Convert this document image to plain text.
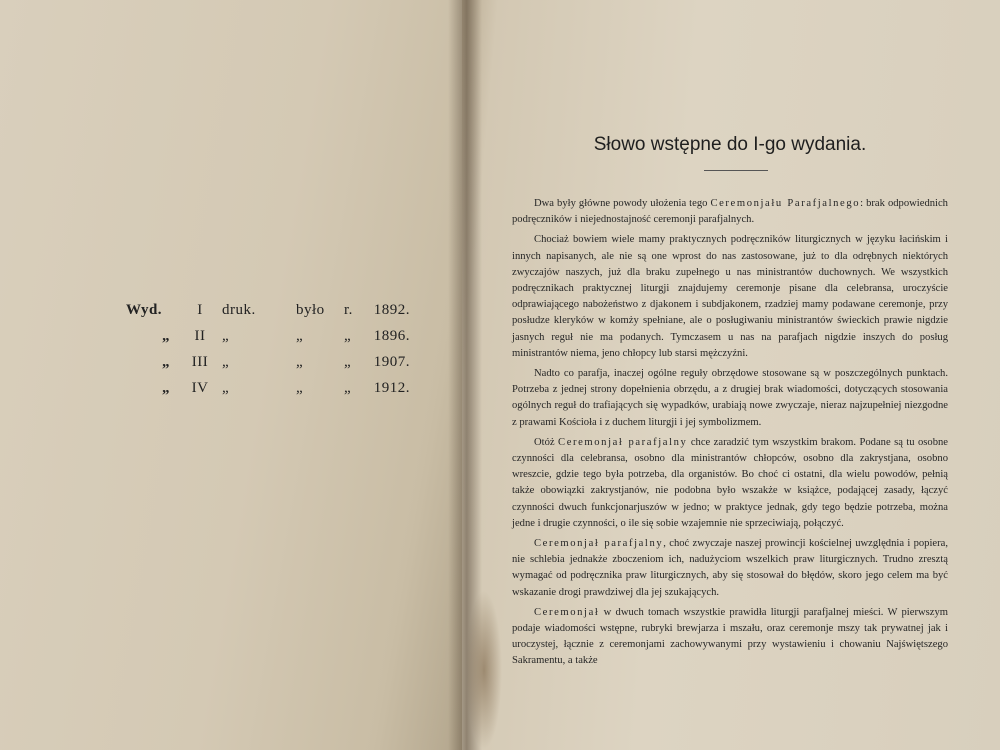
Wyd.	I	druk.	było	r.	1892.
„	II	„	„	„	1896.
„	III „	„	„	1907.
„	IV „	„	„	1912.
Słowo wstępne do I-go wydania.

Dwa były główne powody ułożenia tego Ceremonjału Parafjalnego: brak odpowiednich podręczników i niejednostajność ceremonji parafjalnych.

Chociaż bowiem wiele mamy praktycznych podręczników liturgicznych w języku łacińskim i innych napisanych, ale nie są one wprost do nas zastosowane, już to dla odrębnych niektórych zwyczajów naszych, już dla braku zupełnego u nas ministrantów duchownych. We wszystkich podręcznikach praktycznej liturgji znajdujemy ceremonje pisane dla celebransa, uroczyście odprawiającego nabożeństwo z djakonem i subdjakonem, rzadziej mamy podawane ceremonje, przy posłudze kleryków w komży spełniane, ale o posługiwaniu ministrantów świeckich prawie nigdzie jasnych reguł nie ma podanych. Tymczasem u nas na parafjach nigdzie inszych do posług ministrantów niema, jeno chłopcy lub starsi mężczyźni.

Nadto co parafja, inaczej ogólne reguły obrzędowe stosowane są w poszczególnych punktach. Potrzeba z jednej strony dopełnienia obrzędu, a z drugiej brak wiadomości, dotyczących stosowania ogólnych reguł do trafiających się wypadków, urabiają nowe zwyczaje, nieraz najzupełniej niezgodne z prawami Kościoła i z duchem liturgji i jej symbolizmem.

Otóż Ceremonjał parafjalny chce zaradzić tym wszystkim brakom. Podane są tu osobne czynności dla celebransa, osobno dla ministrantów chłopców, osobno dla zakrystjana, osobno wreszcie, gdzie tego była potrzeba, dla organistów. Bo choć ci ostatni, dla wielu powodów, pełnią także obowiązki zakrystjanów, nie podobna było wszakże w książce, podającej zasady, łączyć czynności dwuch funkcjonarjuszów w jedno; w praktyce jednak, gdy tego będzie potrzeba, można jedne i drugie czynności, o ile się sobie wzajemnie nie sprzeciwiają, połączyć.

Ceremonjał parafjalny, choć zwyczaje naszej prowincji kościelnej uwzględnia i popiera, nie schlebia jednakże zboczeniom ich, nadużyciom wszelkich praw liturgicznych. Trudno zresztą wymagać od podręcznika praw liturgicznych, aby się stosował do błędów, skoro jego celem ma być wskazanie drogi prawdziwej dla jej szukających.

Ceremonjał w dwuch tomach wszystkie prawidła liturgji parafjalnej mieści. W pierwszym podaje wiadomości wstępne, rubryki brewjarza i mszału, oraz ceremonje mszy tak prywatnej jak i uroczystej, łącznie z ceremonjami zachowywanymi przy wystawieniu i chowaniu Najświętszego Sakramentu, a także
